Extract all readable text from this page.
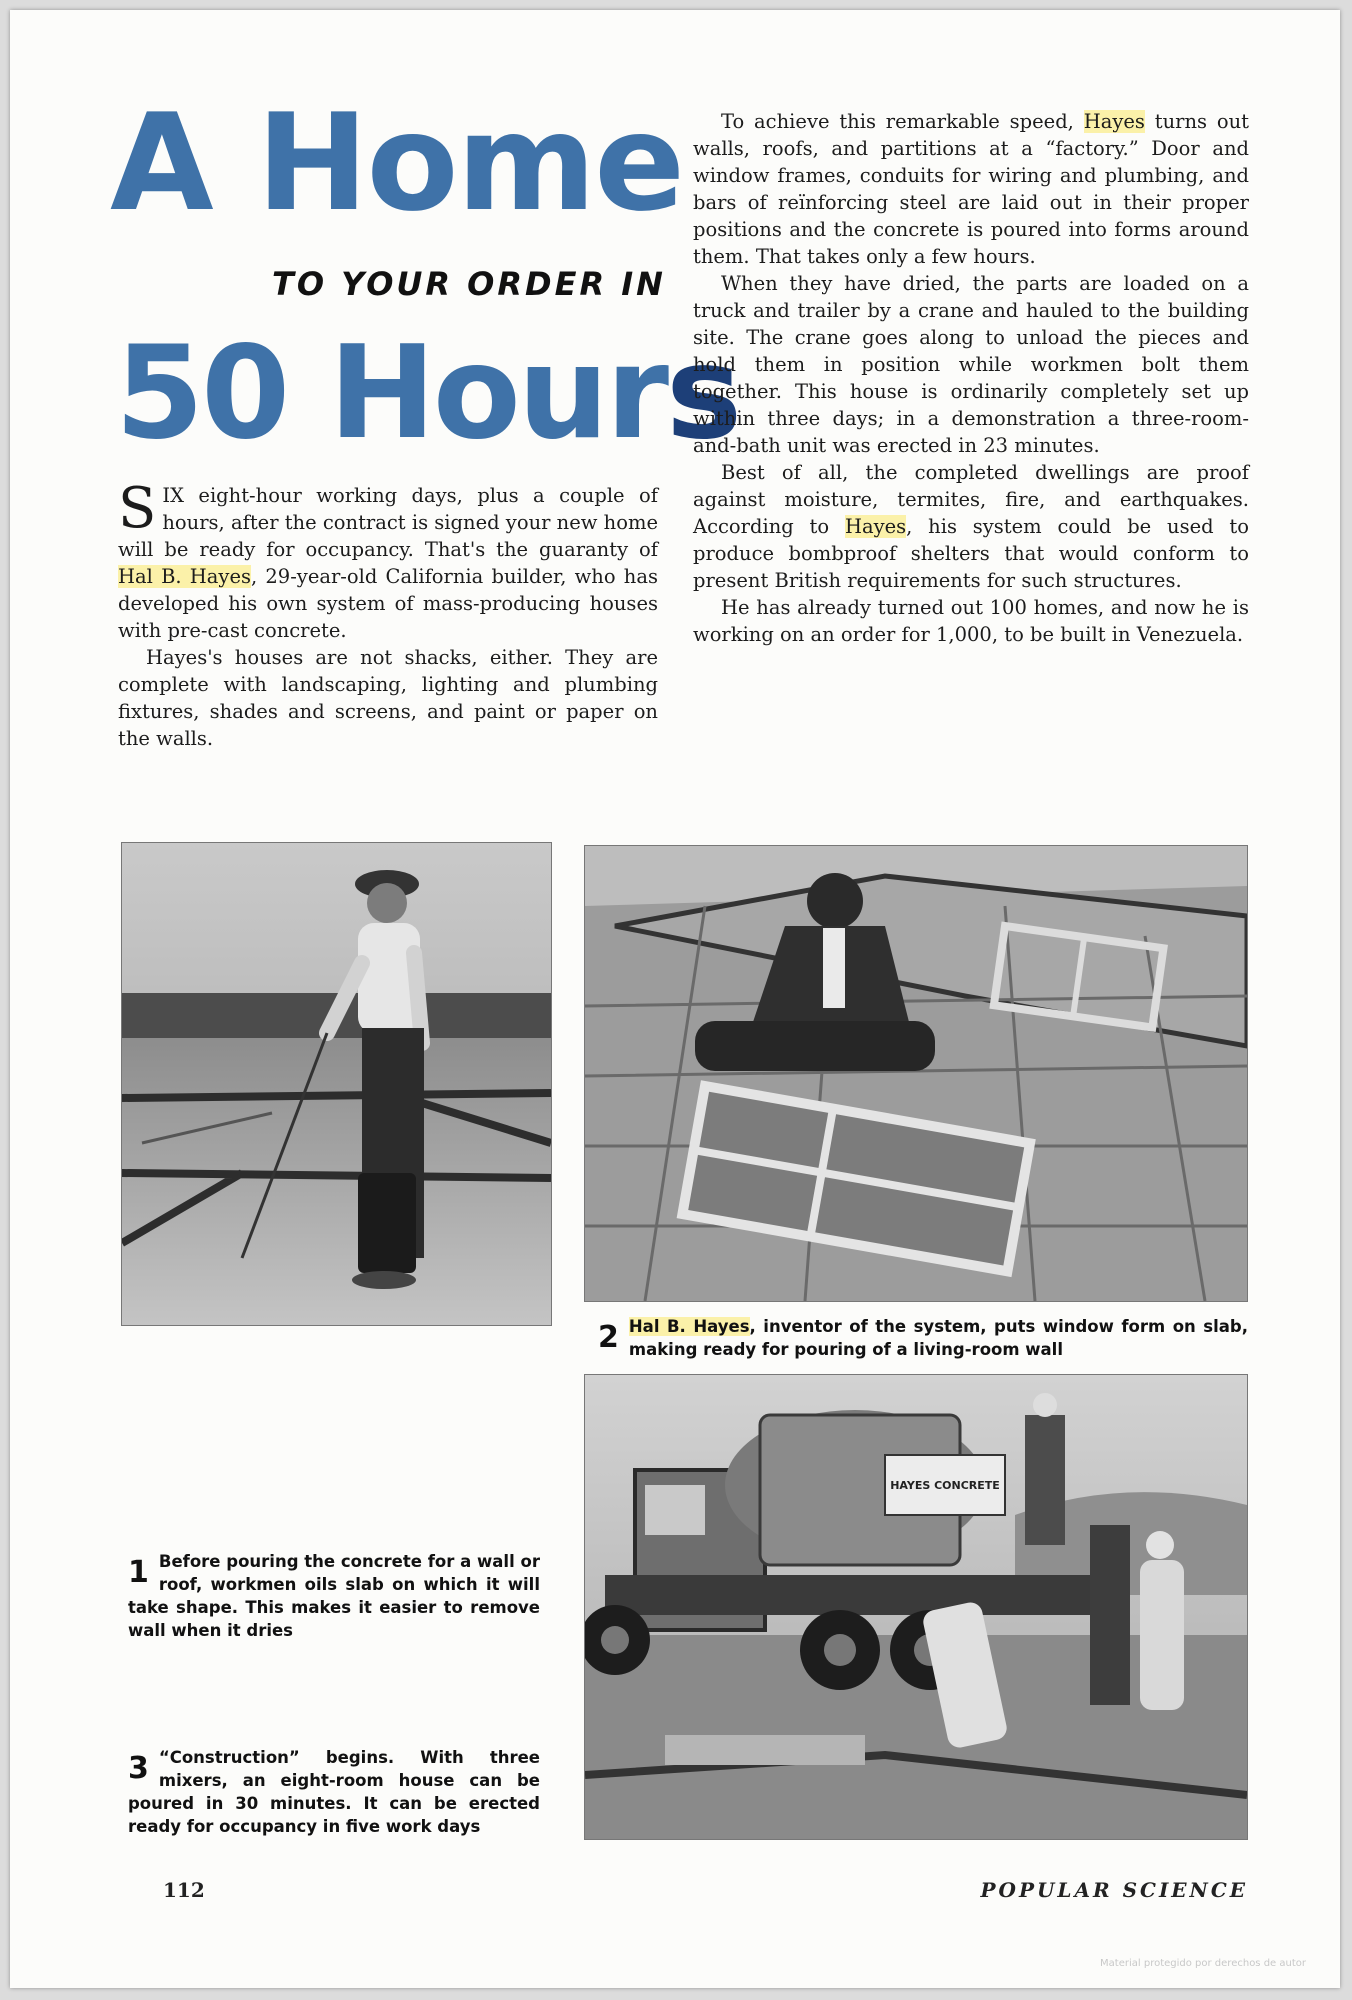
A Home
TO YOUR ORDER IN
50 Hours

SIX eight-hour working days, plus a couple of hours, after the contract is signed your new home will be ready for occupancy. That's the guaranty of Hal B. Hayes, 29-year-old California builder, who has developed his own system of mass-producing houses with pre-cast concrete.

Hayes's houses are not shacks, either. They are complete with landscaping, lighting and plumbing fixtures, shades and screens, and paint or paper on the walls.

To achieve this remarkable speed, Hayes turns out walls, roofs, and partitions at a “factory.” Door and window frames, conduits for wiring and plumbing, and bars of reïnforcing steel are laid out in their proper positions and the concrete is poured into forms around them. That takes only a few hours.

When they have dried, the parts are loaded on a truck and trailer by a crane and hauled to the building site. The crane goes along to unload the pieces and hold them in position while workmen bolt them together. This house is ordinarily completely set up within three days; in a demonstration a three-room-and-bath unit was erected in 23 minutes.

Best of all, the completed dwellings are proof against moisture, termites, fire, and earthquakes. According to Hayes, his system could be used to produce bombproof shelters that would conform to present British requirements for such structures.

He has already turned out 100 homes, and now he is working on an order for 1,000, to be built in Venezuela.

HAYES CONCRETE
1 Before pouring the concrete for a wall or roof, workmen oils slab on which it will take shape. This makes it easier to remove wall when it dries
2 Hal B. Hayes, inventor of the system, puts window form on slab, making ready for pouring of a living-room wall
3 “Construction” begins. With three mixers, an eight-room house can be poured in 30 minutes. It can be erected ready for occupancy in five work days
112	POPULAR SCIENCE
Material protegido por derechos de autor
